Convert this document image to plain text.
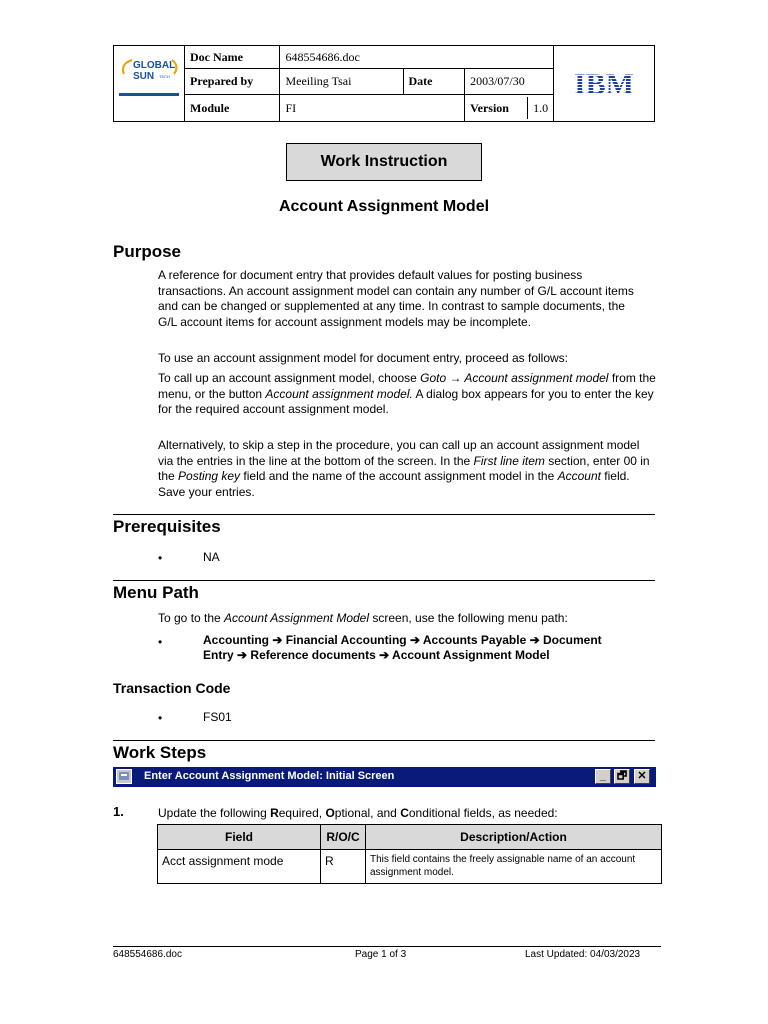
GLOBAL
SUN TECH	Doc Name	648554686.doc			IBM

	Prepared by	Meeiling Tsai	Date	2003/07/30	
	Module	FI		Version 1.0	
Work Instruction
Account Assignment Model
Purpose

A reference for document entry that provides default values for posting business transactions. An account assignment model can contain any number of G/L account items and can be changed or supplemented at any time. In contrast to sample documents, the G/L account items for account assignment models may be incomplete.

To use an account assignment model for document entry, proceed as follows:

To call up an account assignment model, choose Goto → Account assignment model from the menu, or the button Account assignment model. A dialog box appears for you to enter the key for the required account assignment model.

Alternatively, to skip a step in the procedure, you can call up an account assignment model via the entries in the line at the bottom of the screen. In the First line item section, enter 00 in the Posting key field and the name of the account assignment model in the Account field. Save your entries.

Prerequisites
•	NA
Menu Path

To go to the Account Assignment Model screen, use the following menu path:

•	Accounting ➔ Financial Accounting ➔ Accounts Payable ➔ Document
Entry ➔ Reference documents ➔ Account Assignment Model
Transaction Code
•	FS01
Work Steps
Enter Account Assignment Model: Initial Screen	_ 🗗 ✕
1.	Update the following Required, Optional, and Conditional fields, as needed:
Field	R/O/C	Description/Action
Acct assignment mode	R	This field contains the freely assignable name of an account assignment model.
648554686.doc	Page 1 of 3	Last Updated: 04/03/2023
